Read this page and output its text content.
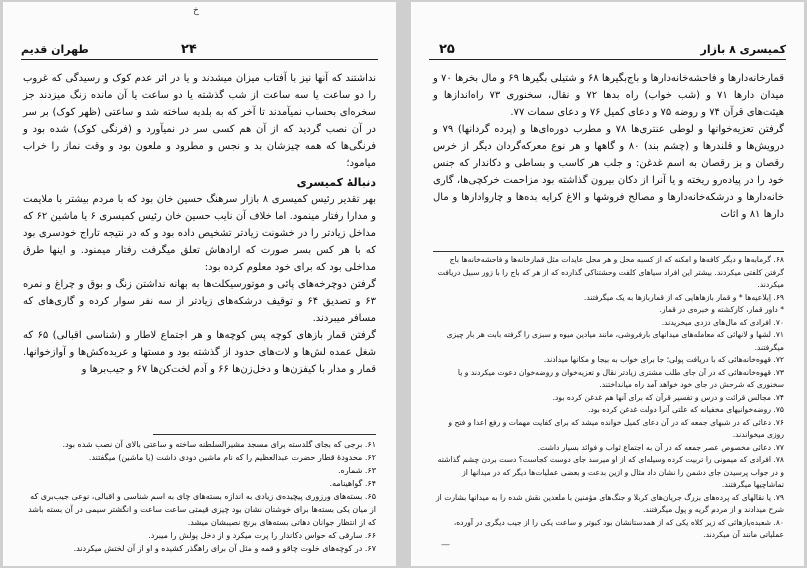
خ
۲۴
طهران قدیم

نداشتند که آنها نیز با آفتاب میزان میشدند و یا در اثر عدم کوک و رسیدگی که غروب را دو ساعت یا سه ساعت از شب گذشته یا دو ساعت یا آن مانده زنگ میزدند جز سخره‌ای بحساب نمیآمدند تا آخر که به بلدیه ساخته شد و ساعتی (ظهر کوک) بر سر در آن نصب گردید که از آن هم کسی سر در نمیآورد و (فرنگی کوک) شده بود و فرنگی‌ها که همه چیزشان بد و نجس و مطرود و ملعون بود و وقت نماز را خراب میامود؛

دنبالهٔ کمیسری

بهر تقدیر رئیس کمیسری ۸ بازار سرهنگ حسین خان بود که با مردم بیشتر با ملایمت و مدارا رفتار مینمود. اما خلاف آن نایب حسین خان رئیس کمیسری ۶ یا ماشین ۶۲ که مداخل زیادتر را در خشونت زیادتر تشخیص داده بود و که در نتیجه تاراج خودسری بود که با هر کس بسر صورت که ارادهاش تعلق میگرفت رفتار میمنود. و اینها طرق مداخلی بود که برای خود معلوم کرده بود:

گرفتن دوچرخه‌های پائی و موتورسیکلت‌ها به بهانه نداشتن زنگ و بوق و چراغ و نمره ۶۳ و تصدیق ۶۴ و توقیف درشکه‌های زیادتر از سه نفر سوار کرده و گاری‌های که مسافر میبردند.

گرفتن قمار بازهای کوچه پس کوچه‌ها و هر اجتماع لاطار و (شناسی اقبالی) ۶۵ که شغل عمده لش‌ها و لات‌های حدود از گذشته بود و مستها و عربده‌کش‌ها و آوازخوانها. قمار و مدار با کیفزن‌ها و دخل‌زن‌ها ۶۶ و آدم لخت‌کن‌ها ۶۷ و جیب‌برها و

۶۱. برجی که بجای گلدسته برای مسجد مشیرالسلطنه ساخته و ساعتی بالای آن نصب شده بود.

۶۲. محدودهٔ قطار حضرت عبدالعظیم را که نام ماشین دودی داشت (یا ماشین) میگفتند.

۶۳. شماره.

۶۴. گواهینامه.

۶۵. بسته‌های ورزوری پیچیده‌ی زیادی به اندازه بسته‌های چای به اسم شناسی و اقبالی، نوعی جیب‌بری که از میان یکی بسته‌ها برای خوشتان نشان بود چیزی قیمتی ساعت ساعت و انگشتر سیمی در آن بسته باشد که از انتظار جوانان دهاتی بسته‌های برنج نصیبشان میشد.

۶۶. سارقی که حواس دکاندار را پرت میکرد و از دخل پولش را میبرد.

۶۷. در کوچه‌های خلوت چاقو و قمه و مثل آن برای راهگذر کشیده و او از آن لختش میکردند.

۲۵	کمیسری ۸ بازار

قمارخانه‌دارها و فاحشه‌خانه‌دارها و باج‌بگیرها ۶۸ و شتیلی بگیرها ۶۹ و مال بخرها ۷۰ و میدان دارها ۷۱ و (شب خواب) راه بدها ۷۲ و نقال، سخنوری ۷۳ راه‌اندازها و هیئت‌های قرآن ۷۴ و روضه ۷۵ و دعای کمیل ۷۶ و دعای سمات ۷۷.

گرفتن تعزیه‌خوانها و لوطی عنتری‌ها ۷۸ و مطرب دوره‌ای‌ها و (پرده گردانها) ۷۹ و درویش‌ها و قلندرها و (چشم بند) ۸۰ و گاهها و هر نوع معرکه‌گردان دیگر از خرس رقصان و بز رقصان به اسم غدغن: و جلب هر کاسب و بساطی و دکاندار که جنس خود را در پیاده‌رو ریخته و یا آنرا از دکان بیرون گذاشته بود مزاحمت خرکچی‌ها، گاری خانه‌دارها و درشکه‌خانه‌دارها و مصالح فروشها و الاغ کرایه بده‌ها و چاروادارها و مال دارها ۸۱ و اثاث

۶۸. گرمابه‌ها و دیگر کافه‌ها و امکنه که از کسبه محل و هر محل عایدات مثل قمارخانه‌ها و فاحشه‌خانه‌ها باج گرفتن کلفتی میکردند. بیشتر این افراد سیاهای کلفت وحشتناکی گذارده که از هر که باج را با زور سبیل دریافت میکردند.

۶۹. اِبلاعیه‌ها * و قمار بازهاهایی که از قماربازها به یک میگرفتند.

* داور قمار، کارکشته و خبره‌ی در قمار.

۷۰. افرادی که مال‌های دزدی میخریدند.

۷۱. لشها و لانهائی که معامله‌های میدانهای بارفروشی، مانند میادین میوه و سبزی را گرفته بابت هر بار چیزی میگرفتند.

۷۲. قهوه‌خانه‌هائی که با دریافت پولی؛ جا برای خواب به بیجا و مکانها میدادند.

۷۳. قهوه‌خانه‌هائی که در آن جای طلب مشتری زیادتر نقال و تعزیه‌خوان و روضه‌خوان دعوت میکردند و یا سخنوری که شرحش در جای خود خواهد آمد راه میانداختند.

۷۴. مجالس قرائت و درس و تفسیر قرآن که برای آنها هم غدغن کرده بود.

۷۵. روضه‌خوانیهای مخفیانه که علتی آنرا دولت غدغن کرده بود.

۷۶. دعائی که در شبهای جمعه که در آن دعای کمیل خوانده میشد که برای کفایت مهمات و رفع اعدا و فتح و روزی میخواندند.

۷۷. دعائی مخصوص عصر جمعه که در آن به اجتماع ثواب و فوائد بسیار داشت.

۷۸. افرادی که میمونی را تربیت کرده وسیله‌ای که از او میرسد جای دوست کجاست؟ دست بردن چشم گذاشته و در جواب پرسیدن جای دشمن را نشان داد مثال و ازین بدعت و بعضی عملیات‌ها دیگر که در میدانها از تماشاچیها میگرفتند.

۷۹. یا نقالهای که پرده‌های بزرگ جریان‌های کربلا و جنگ‌های مؤمنین با ملعدین نقش شده را به میدانها بشارت از شرح میدادند و از مردم گریه و پول میگرفتند.

۸۰. شعبده‌بازهائی که زیر کلاه یکی که از همدستانشان بود کبوتر و ساعت یکی را از جیب دیگری در آورده، عملیاتی مانند آن میکردند.

—
